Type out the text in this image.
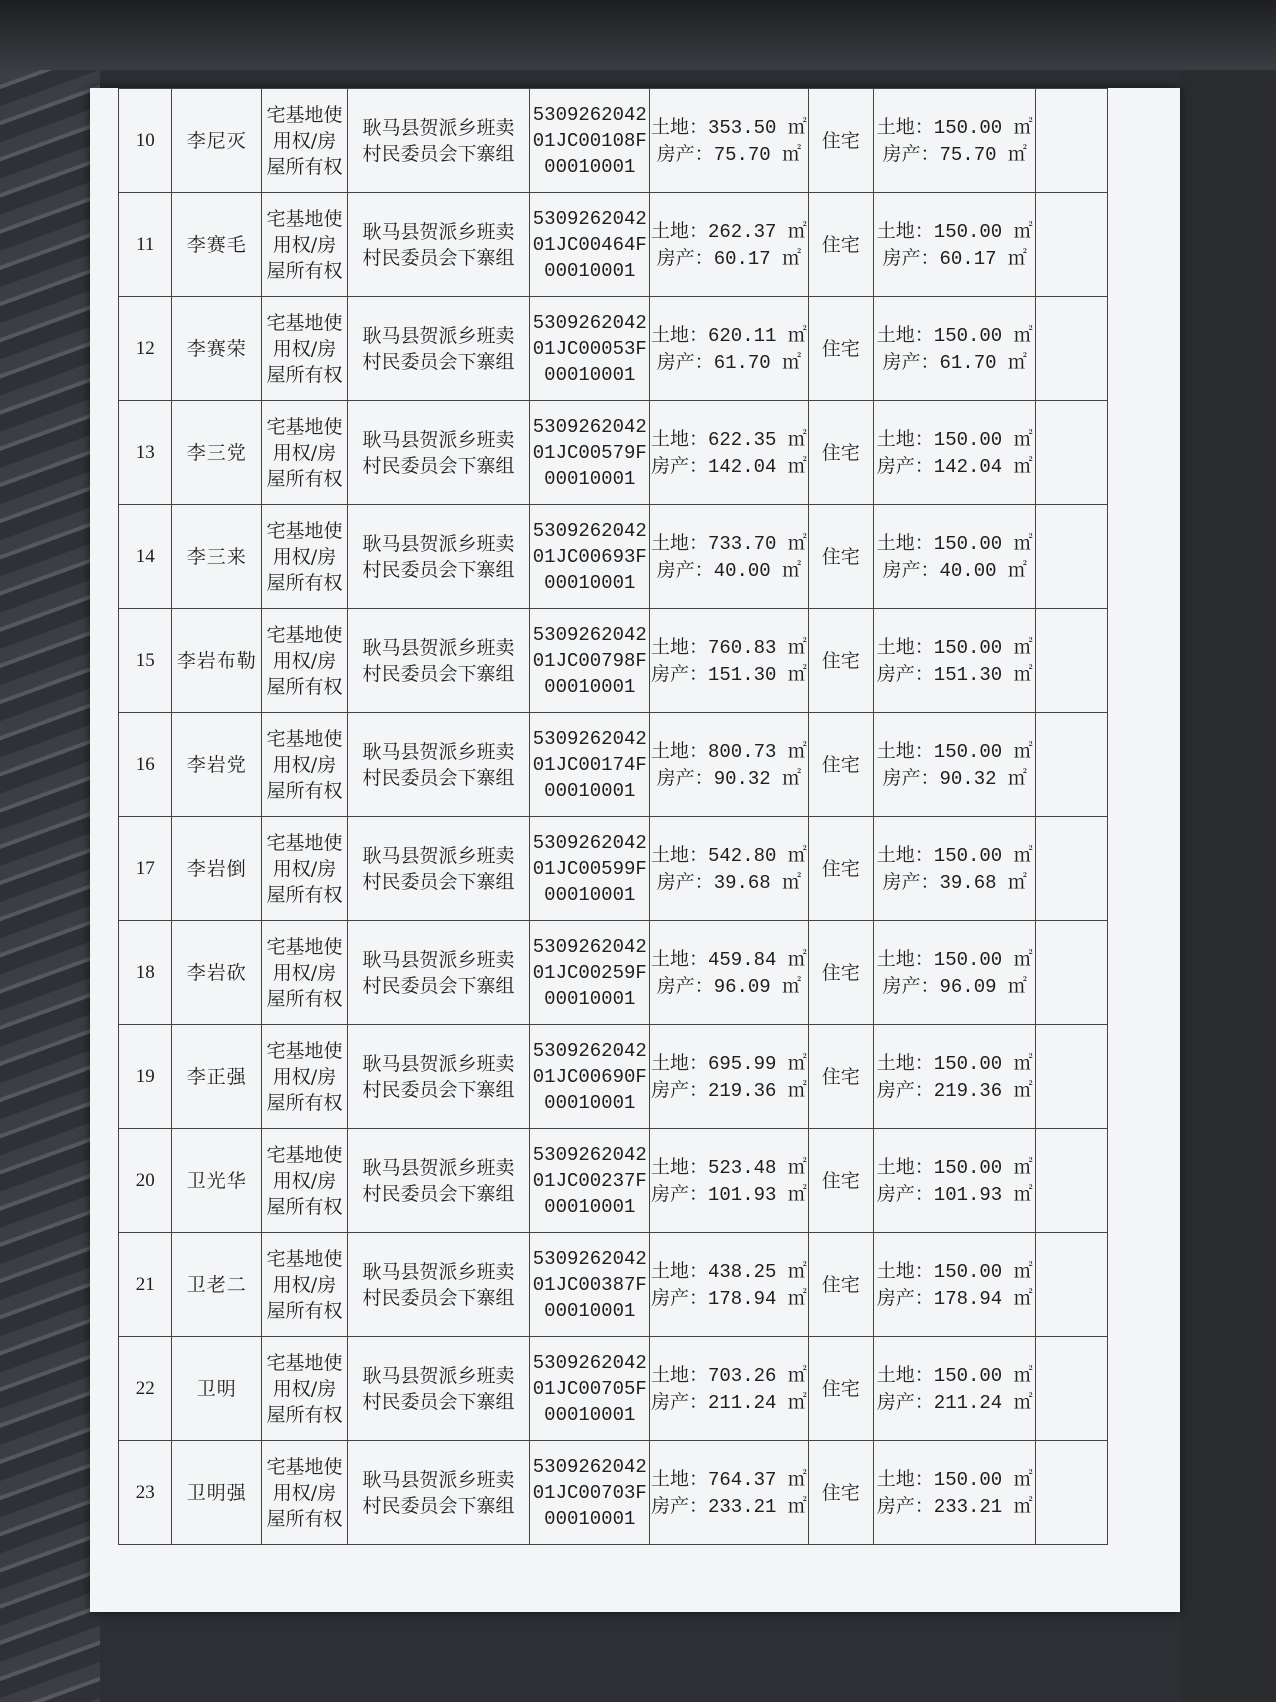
10	李尼灭	宅基地使
用权/房
屋所有权	耿马县贺派乡班卖
村民委员会下寨组	5309262042
01JC00108F
00010001	土地：353.50 ㎡
房产：75.70 ㎡	住宅	土地：150.00 ㎡
房产：75.70 ㎡	

11	李赛毛	宅基地使
用权/房
屋所有权	耿马县贺派乡班卖
村民委员会下寨组	5309262042
01JC00464F
00010001	土地：262.37 ㎡
房产：60.17 ㎡	住宅	土地：150.00 ㎡
房产：60.17 ㎡	

12	李赛荣	宅基地使
用权/房
屋所有权	耿马县贺派乡班卖
村民委员会下寨组	5309262042
01JC00053F
00010001	土地：620.11 ㎡
房产：61.70 ㎡	住宅	土地：150.00 ㎡
房产：61.70 ㎡	

13	李三党	宅基地使
用权/房
屋所有权	耿马县贺派乡班卖
村民委员会下寨组	5309262042
01JC00579F
00010001	土地：622.35 ㎡
房产：142.04 ㎡	住宅	土地：150.00 ㎡
房产：142.04 ㎡	

14	李三来	宅基地使
用权/房
屋所有权	耿马县贺派乡班卖
村民委员会下寨组	5309262042
01JC00693F
00010001	土地：733.70 ㎡
房产：40.00 ㎡	住宅	土地：150.00 ㎡
房产：40.00 ㎡	

15	李岩布勒	宅基地使
用权/房
屋所有权	耿马县贺派乡班卖
村民委员会下寨组	5309262042
01JC00798F
00010001	土地：760.83 ㎡
房产：151.30 ㎡	住宅	土地：150.00 ㎡
房产：151.30 ㎡	

16	李岩党	宅基地使
用权/房
屋所有权	耿马县贺派乡班卖
村民委员会下寨组	5309262042
01JC00174F
00010001	土地：800.73 ㎡
房产：90.32 ㎡	住宅	土地：150.00 ㎡
房产：90.32 ㎡	

17	李岩倒	宅基地使
用权/房
屋所有权	耿马县贺派乡班卖
村民委员会下寨组	5309262042
01JC00599F
00010001	土地：542.80 ㎡
房产：39.68 ㎡	住宅	土地：150.00 ㎡
房产：39.68 ㎡	

18	李岩砍	宅基地使
用权/房
屋所有权	耿马县贺派乡班卖
村民委员会下寨组	5309262042
01JC00259F
00010001	土地：459.84 ㎡
房产：96.09 ㎡	住宅	土地：150.00 ㎡
房产：96.09 ㎡	

19	李正强	宅基地使
用权/房
屋所有权	耿马县贺派乡班卖
村民委员会下寨组	5309262042
01JC00690F
00010001	土地：695.99 ㎡
房产：219.36 ㎡	住宅	土地：150.00 ㎡
房产：219.36 ㎡	

20	卫光华	宅基地使
用权/房
屋所有权	耿马县贺派乡班卖
村民委员会下寨组	5309262042
01JC00237F
00010001	土地：523.48 ㎡
房产：101.93 ㎡	住宅	土地：150.00 ㎡
房产：101.93 ㎡	

21	卫老二	宅基地使
用权/房
屋所有权	耿马县贺派乡班卖
村民委员会下寨组	5309262042
01JC00387F
00010001	土地：438.25 ㎡
房产：178.94 ㎡	住宅	土地：150.00 ㎡
房产：178.94 ㎡	

22	卫明	宅基地使
用权/房
屋所有权	耿马县贺派乡班卖
村民委员会下寨组	5309262042
01JC00705F
00010001	土地：703.26 ㎡
房产：211.24 ㎡	住宅	土地：150.00 ㎡
房产：211.24 ㎡	

23	卫明强	宅基地使
用权/房
屋所有权	耿马县贺派乡班卖
村民委员会下寨组	5309262042
01JC00703F
00010001	土地：764.37 ㎡
房产：233.21 ㎡	住宅	土地：150.00 ㎡
房产：233.21 ㎡	
